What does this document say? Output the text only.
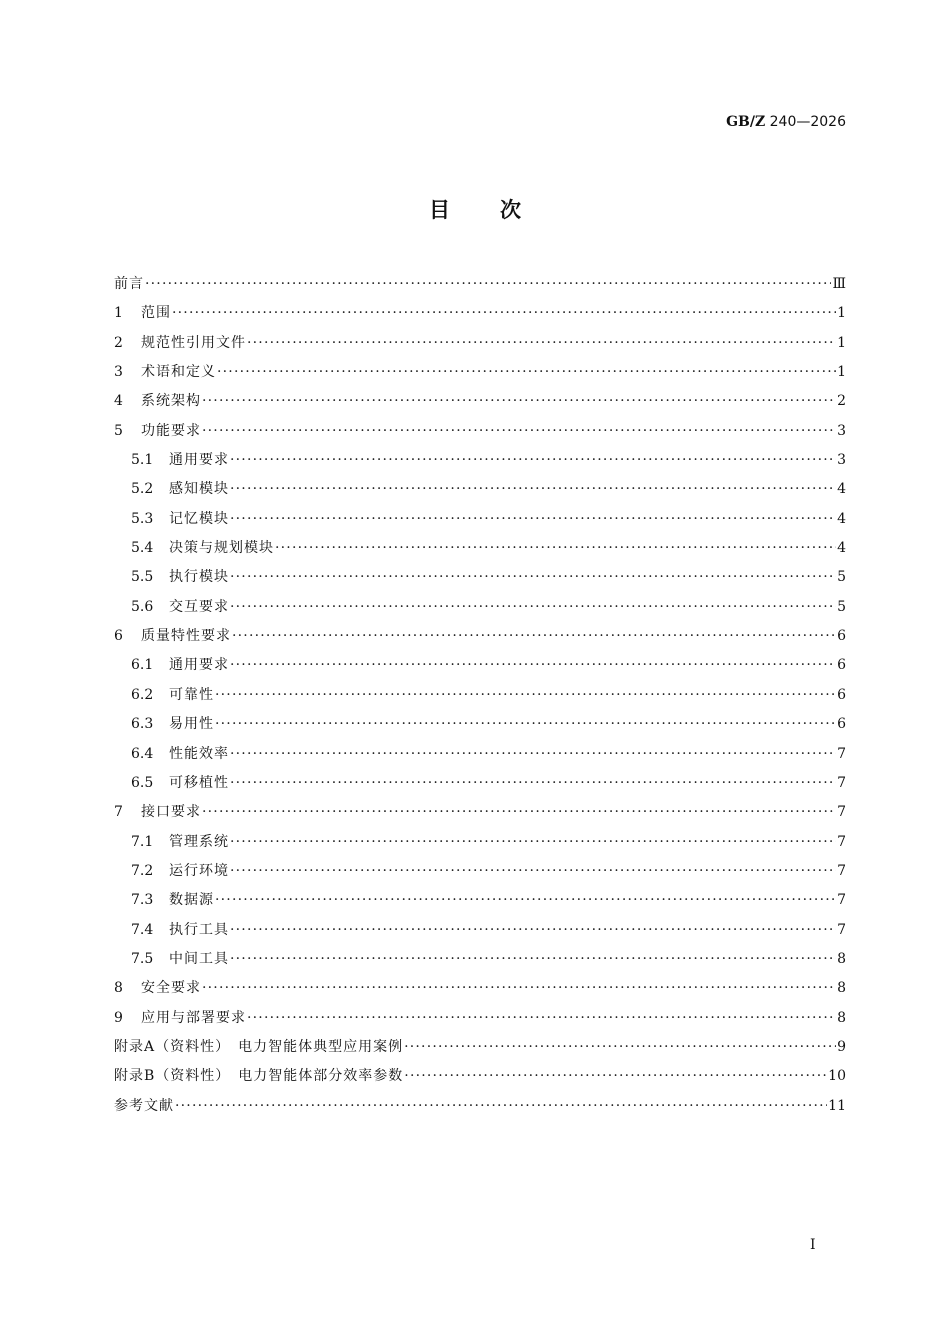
GB/Z 240—2026
目次
前言 ·····	Ⅲ
1	范围 ·····	1
2	规范性引用文件 ·····	1
3	术语和定义 ·····	1
4	系统架构 ·····	2
5	功能要求 ·····	3
5.1	通用要求 ·····	3
5.2	感知模块 ·····	4
5.3	记忆模块 ·····	4
5.4	决策与规划模块 ·····	4
5.5	执行模块 ·····	5
5.6	交互要求 ·····	5
6	质量特性要求 ·····	6
6.1	通用要求 ·····	6
6.2	可靠性 ·····	6
6.3	易用性 ·····	6
6.4	性能效率 ·····	7
6.5	可移植性 ·····	7
7	接口要求 ·····	7
7.1	管理系统 ·····	7
7.2	运行环境 ·····	7
7.3	数据源 ·····	7
7.4	执行工具 ·····	7
7.5	中间工具 ·····	8
8	安全要求 ·····	8
9	应用与部署要求 ·····	8
附录A（资料性）　电力智能体典型应用案例 ·····	9
附录B（资料性）　电力智能体部分效率参数 ·····	10
参考文献 ·····	11
Ⅰ
